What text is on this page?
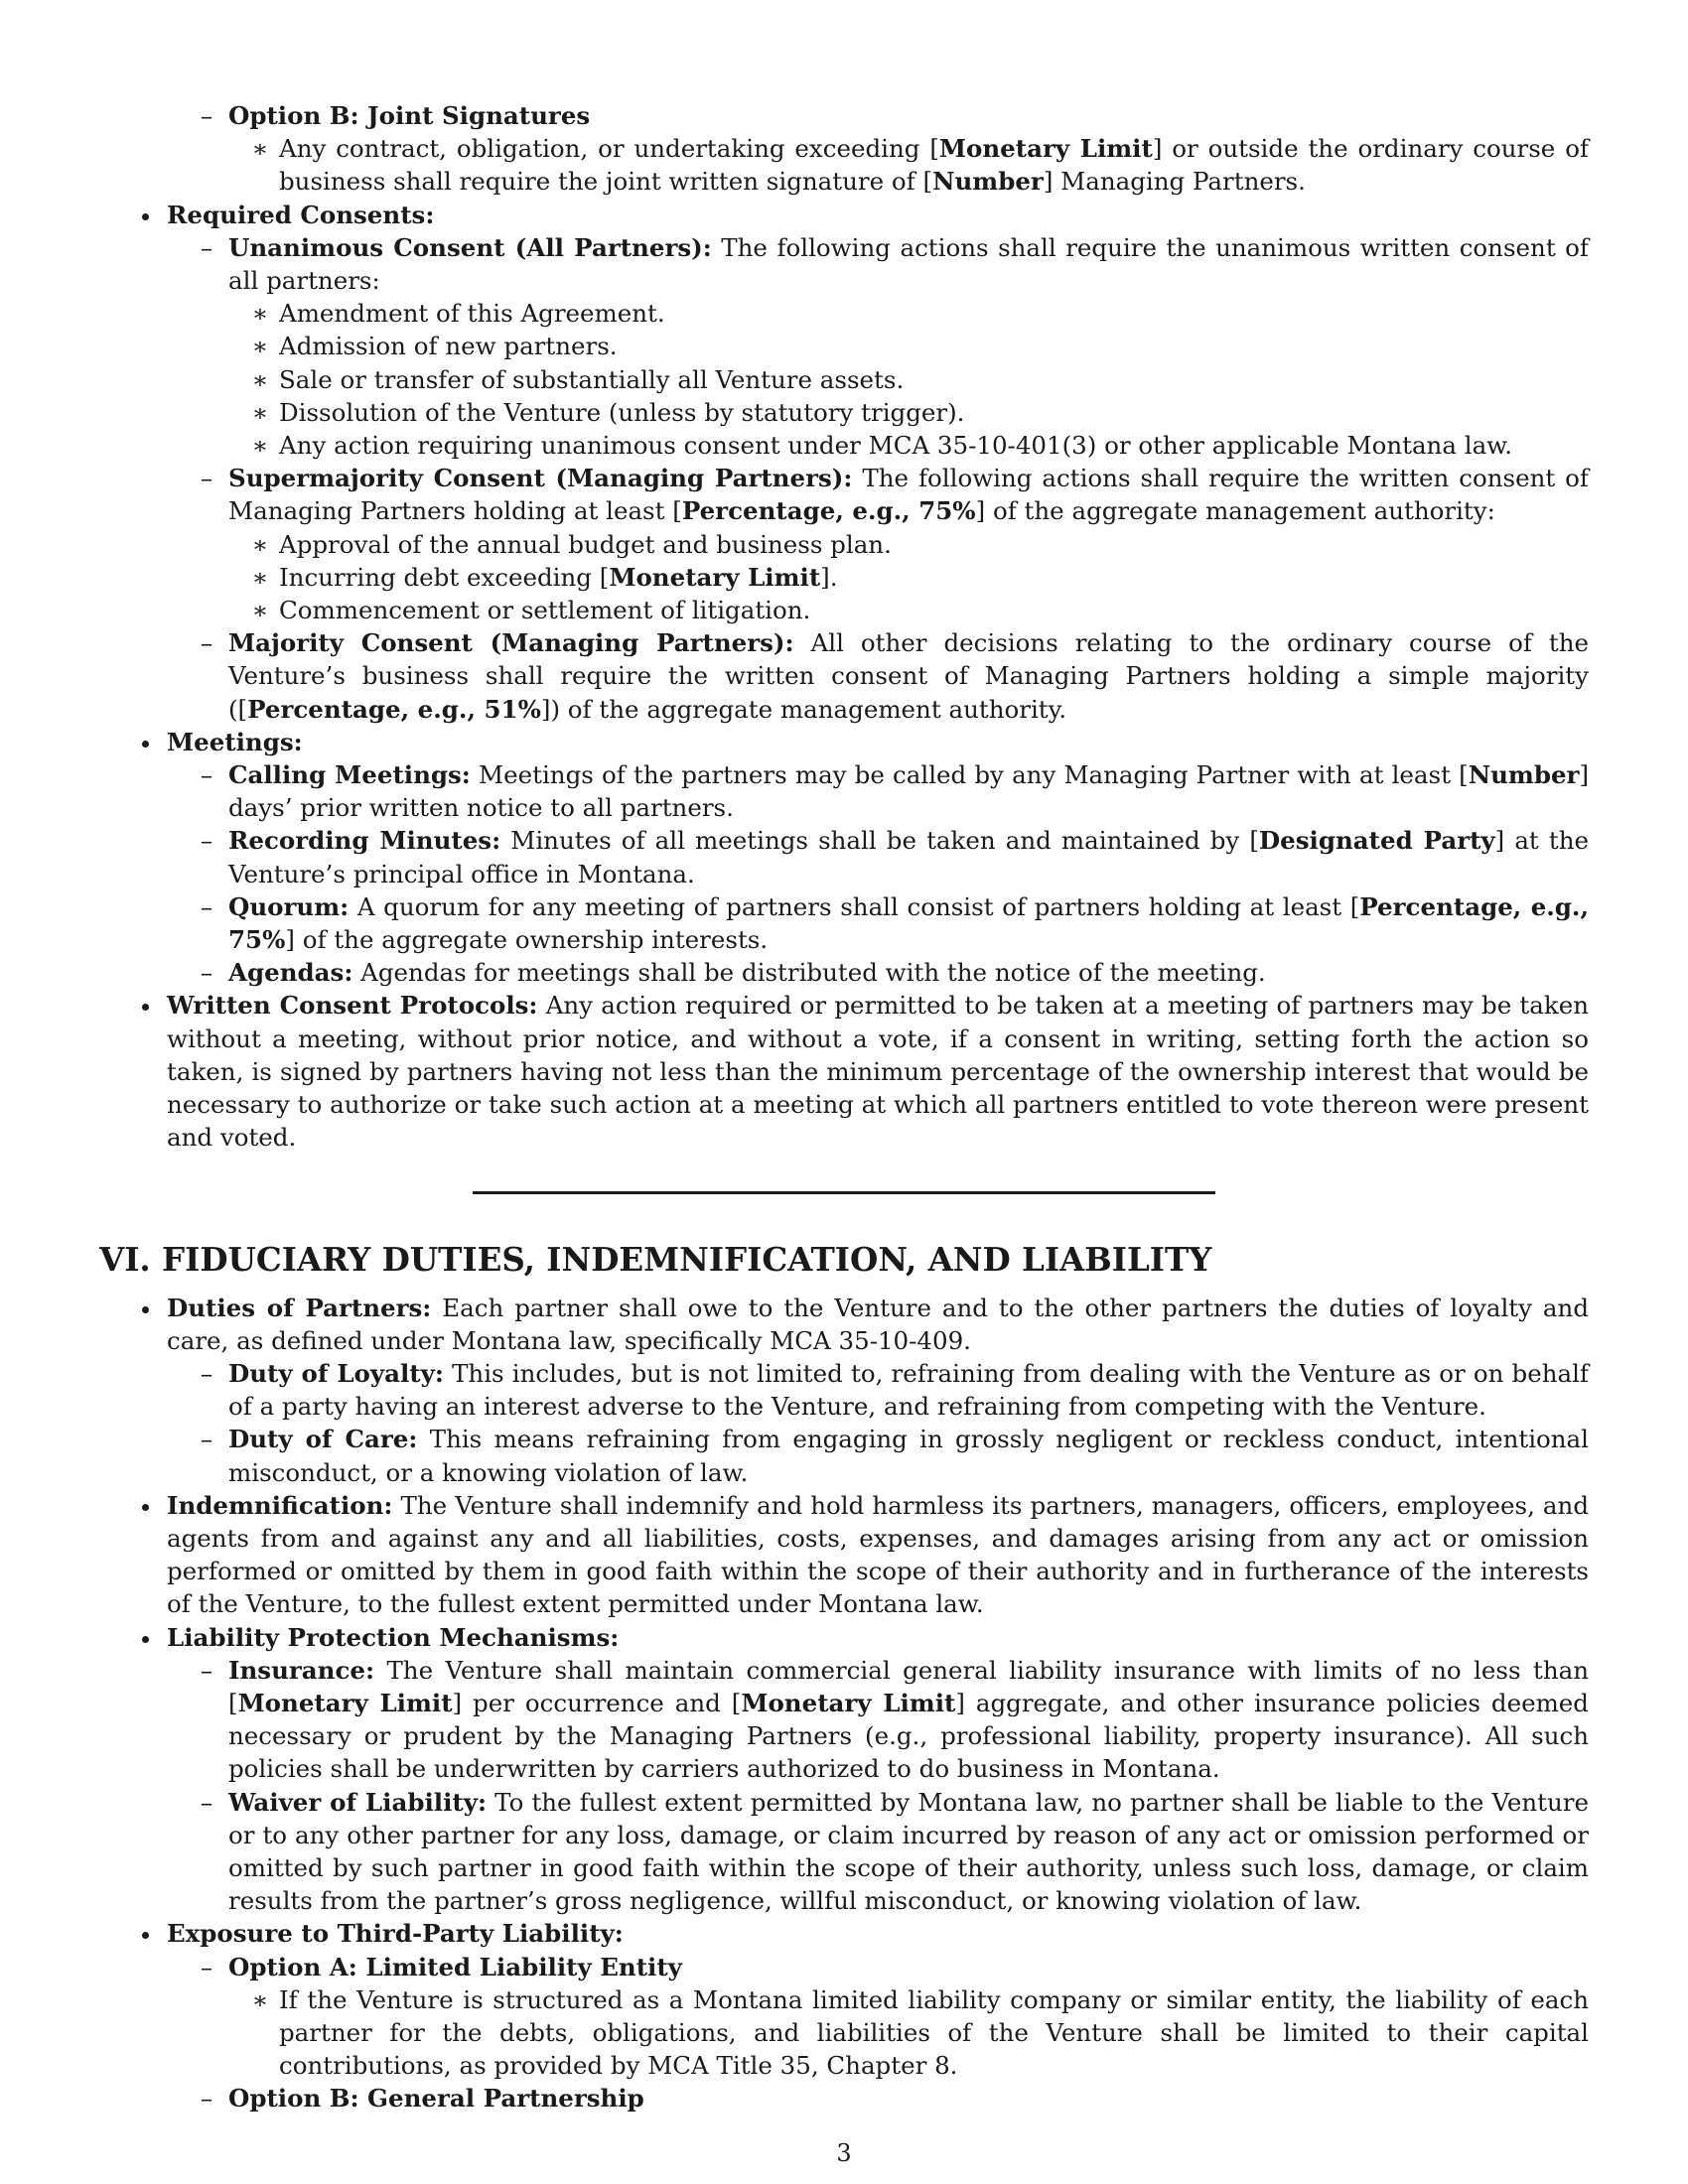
– Option B: Joint Signatures
∗ Any contract, obligation, or undertaking exceeding [Monetary Limit] or outside the ordinary course of business shall require the joint written signature of [Number] Managing Partners.
Required Consents:
– Unanimous Consent (All Partners): The following actions shall require the unanimous written consent of all partners:
∗ Amendment of this Agreement.
∗ Admission of new partners.
∗ Sale or transfer of substantially all Venture assets.
∗ Dissolution of the Venture (unless by statutory trigger).
∗ Any action requiring unanimous consent under MCA 35-10-401(3) or other applicable Montana law.
– Supermajority Consent (Managing Partners): The following actions shall require the written consent of Managing Partners holding at least [Percentage, e.g., 75%] of the aggregate management authority:
∗ Approval of the annual budget and business plan.
∗ Incurring debt exceeding [Monetary Limit].
∗ Commencement or settlement of litigation.
– Majority Consent (Managing Partners): All other decisions relating to the ordinary course of the Venture’s business shall require the written consent of Managing Partners holding a simple majority ([Percentage, e.g., 51%]) of the aggregate management authority.
Meetings:
– Calling Meetings: Meetings of the partners may be called by any Managing Partner with at least [Number] days’ prior written notice to all partners.
– Recording Minutes: Minutes of all meetings shall be taken and maintained by [Designated Party] at the Venture’s principal office in Montana.
– Quorum: A quorum for any meeting of partners shall consist of partners holding at least [Percentage, e.g., 75%] of the aggregate ownership interests.
– Agendas: Agendas for meetings shall be distributed with the notice of the meeting.
Written Consent Protocols: Any action required or permitted to be taken at a meeting of partners may be taken without a meeting, without prior notice, and without a vote, if a consent in writing, setting forth the action so taken, is signed by partners having not less than the minimum percentage of the ownership interest that would be necessary to authorize or take such action at a meeting at which all partners entitled to vote thereon were present and voted.
VI. FIDUCIARY DUTIES, INDEMNIFICATION, AND LIABILITY
Duties of Partners: Each partner shall owe to the Venture and to the other partners the duties of loyalty and care, as defined under Montana law, specifically MCA 35-10-409.
– Duty of Loyalty: This includes, but is not limited to, refraining from dealing with the Venture as or on behalf of a party having an interest adverse to the Venture, and refraining from competing with the Venture.
– Duty of Care: This means refraining from engaging in grossly negligent or reckless conduct, intentional misconduct, or a knowing violation of law.
Indemnification: The Venture shall indemnify and hold harmless its partners, managers, officers, employees, and agents from and against any and all liabilities, costs, expenses, and damages arising from any act or omission performed or omitted by them in good faith within the scope of their authority and in furtherance of the interests of the Venture, to the fullest extent permitted under Montana law.
Liability Protection Mechanisms:
– Insurance: The Venture shall maintain commercial general liability insurance with limits of no less than [Monetary Limit] per occurrence and [Monetary Limit] aggregate, and other insurance policies deemed necessary or prudent by the Managing Partners (e.g., professional liability, property insurance). All such policies shall be underwritten by carriers authorized to do business in Montana.
– Waiver of Liability: To the fullest extent permitted by Montana law, no partner shall be liable to the Venture or to any other partner for any loss, damage, or claim incurred by reason of any act or omission performed or omitted by such partner in good faith within the scope of their authority, unless such loss, damage, or claim results from the partner’s gross negligence, willful misconduct, or knowing violation of law.
Exposure to Third-Party Liability:
– Option A: Limited Liability Entity
∗ If the Venture is structured as a Montana limited liability company or similar entity, the liability of each partner for the debts, obligations, and liabilities of the Venture shall be limited to their capital contributions, as provided by MCA Title 35, Chapter 8.
– Option B: General Partnership
3
